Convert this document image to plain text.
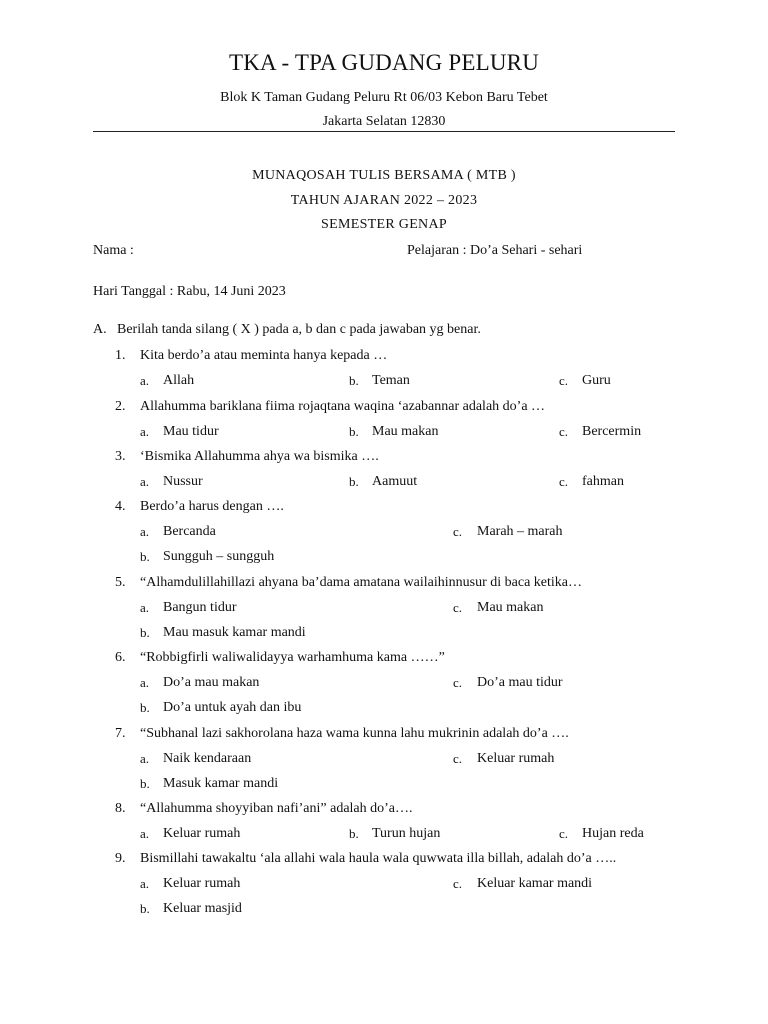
TKA - TPA GUDANG PELURU
Blok K Taman Gudang Peluru Rt 06/03 Kebon Baru Tebet
Jakarta Selatan 12830
MUNAQOSAH TULIS BERSAMA ( MTB )
TAHUN AJARAN 2022 – 2023
SEMESTER GENAP
Nama :	Pelajaran : Do’a Sehari - sehari
Hari Tanggal : Rabu, 14 Juni 2023
A. Berilah tanda silang ( X ) pada a, b dan c pada jawaban yg benar.
1. Kita berdo’a atau meminta hanya kepada …
a. Allah	b. Teman	c. Guru
2. Allahumma bariklana fiima rojaqtana waqina ‘azabannar adalah do’a …
a. Mau tidur	b. Mau makan	c. Bercermin
3. ‘Bismika Allahumma ahya wa bismika ….
a. Nussur	b. Aamuut	c. fahman
4. Berdo’a harus dengan ….
a. Bercanda	c. Marah – marah
b. Sungguh – sungguh
5. “Alhamdulillahillazi ahyana ba’dama amatana wailaihinnusur di baca ketika…
a. Bangun tidur	c. Mau makan
b. Mau masuk kamar mandi
6. “Robbigfirli waliwalidayya warhamhuma kama ……”
a. Do’a mau makan	c. Do’a mau tidur
b. Do’a untuk ayah dan ibu
7. “Subhanal lazi sakhorolana haza wama kunna lahu mukrinin adalah do’a ….
a. Naik kendaraan	c. Keluar rumah
b. Masuk kamar mandi
8. “Allahumma shoyyiban nafi’ani” adalah do’a….
a. Keluar rumah	b. Turun hujan	c. Hujan reda
9. Bismillahi tawakaltu ‘ala allahi wala haula wala quwwata illa billah, adalah do’a …..
a. Keluar rumah	c. Keluar kamar mandi
b. Keluar masjid
